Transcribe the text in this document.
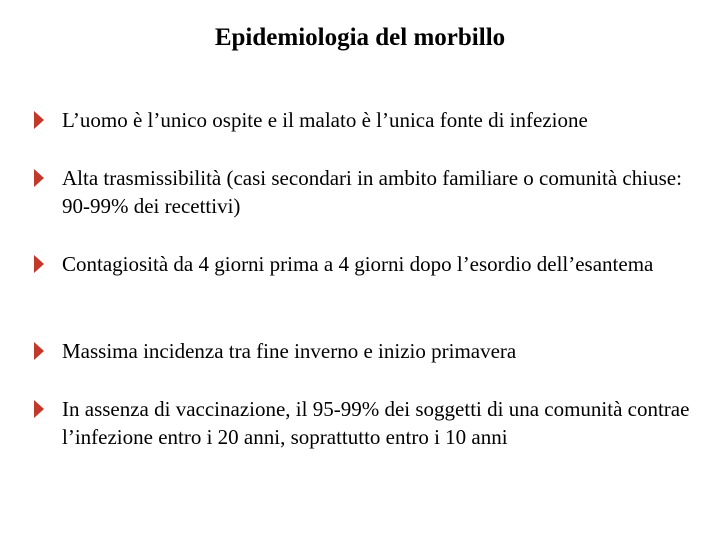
Epidemiologia del morbillo
L’uomo è l’unico ospite e il malato è l’unica fonte di infezione
Alta trasmissibilità (casi secondari in ambito familiare o comunità chiuse: 90-99% dei recettivi)
Contagiosità da 4 giorni prima a 4 giorni dopo l’esordio dell’esantema
Massima incidenza tra fine inverno e inizio primavera
In assenza di vaccinazione, il 95-99% dei soggetti di una comunità contrae l’infezione entro i 20 anni, soprattutto entro i 10 anni
